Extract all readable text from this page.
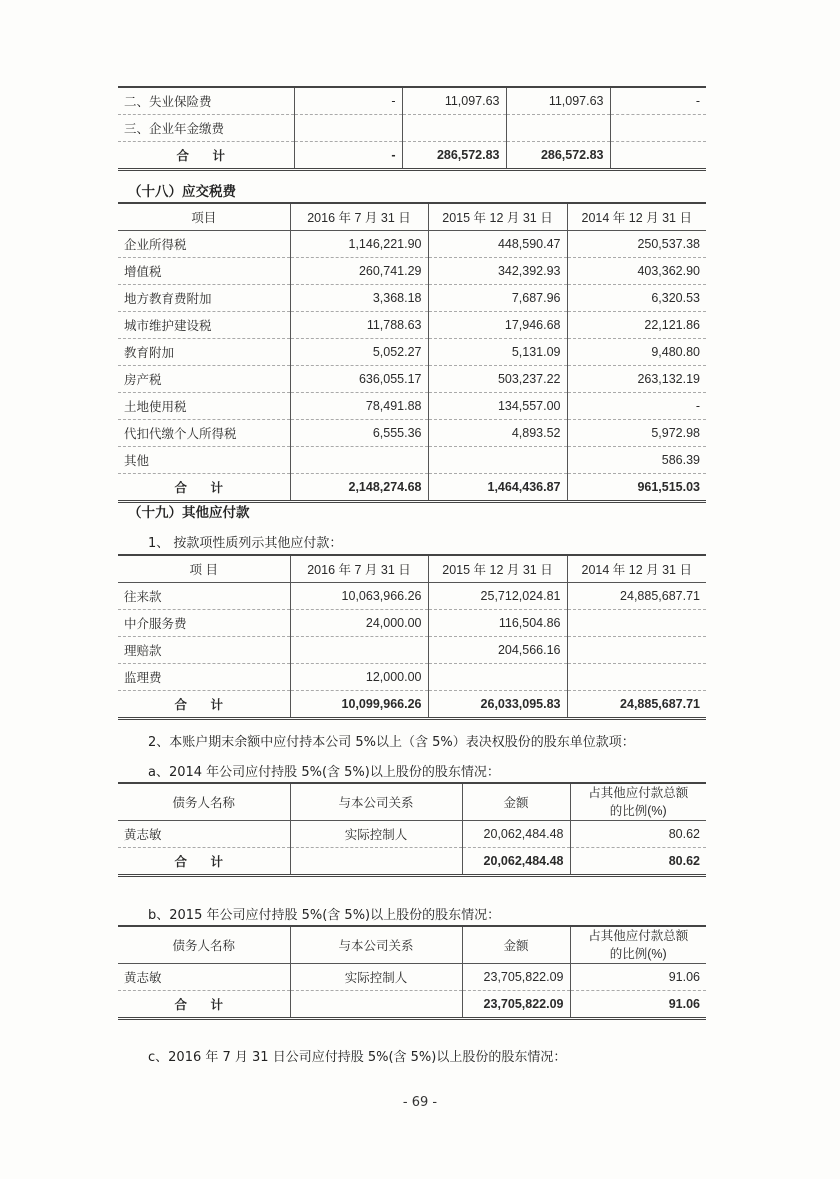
二、失业保险费	-	11,097.63	11,097.63	-
三、企业年金缴费				
合 计	-	286,572.83	286,572.83	
（十八）应交税费
项目	2016 年 7 月 31 日	2015 年 12 月 31 日	2014 年 12 月 31 日
企业所得税	1,146,221.90	448,590.47	250,537.38
增值税	260,741.29	342,392.93	403,362.90
地方教育费附加	3,368.18	7,687.96	6,320.53
城市维护建设税	11,788.63	17,946.68	22,121.86
教育附加	5,052.27	5,131.09	9,480.80
房产税	636,055.17	503,237.22	263,132.19
土地使用税	78,491.88	134,557.00	-
代扣代缴个人所得税	6,555.36	4,893.52	5,972.98
其他			586.39
合 计	2,148,274.68	1,464,436.87	961,515.03
（十九）其他应付款
1、 按款项性质列示其他应付款：
项 目	2016 年 7 月 31 日	2015 年 12 月 31 日	2014 年 12 月 31 日
往来款	10,063,966.26	25,712,024.81	24,885,687.71
中介服务费	24,000.00	116,504.86	
理赔款		204,566.16	
监理费	12,000.00		
合 计	10,099,966.26	26,033,095.83	24,885,687.71
2、本账户期末余额中应付持本公司 5%以上（含 5%）表决权股份的股东单位款项：
a、2014 年公司应付持股 5%(含 5%)以上股份的股东情况：
债务人名称	与本公司关系	金额	占其他应付款总额
的比例(%)
黄志敏	实际控制人	20,062,484.48	80.62
合 计		20,062,484.48	80.62
b、2015 年公司应付持股 5%(含 5%)以上股份的股东情况：
债务人名称	与本公司关系	金额	占其他应付款总额
的比例(%)
黄志敏	实际控制人	23,705,822.09	91.06
合 计		23,705,822.09	91.06
c、2016 年 7 月 31 日公司应付持股 5%(含 5%)以上股份的股东情况：
- 69 -
